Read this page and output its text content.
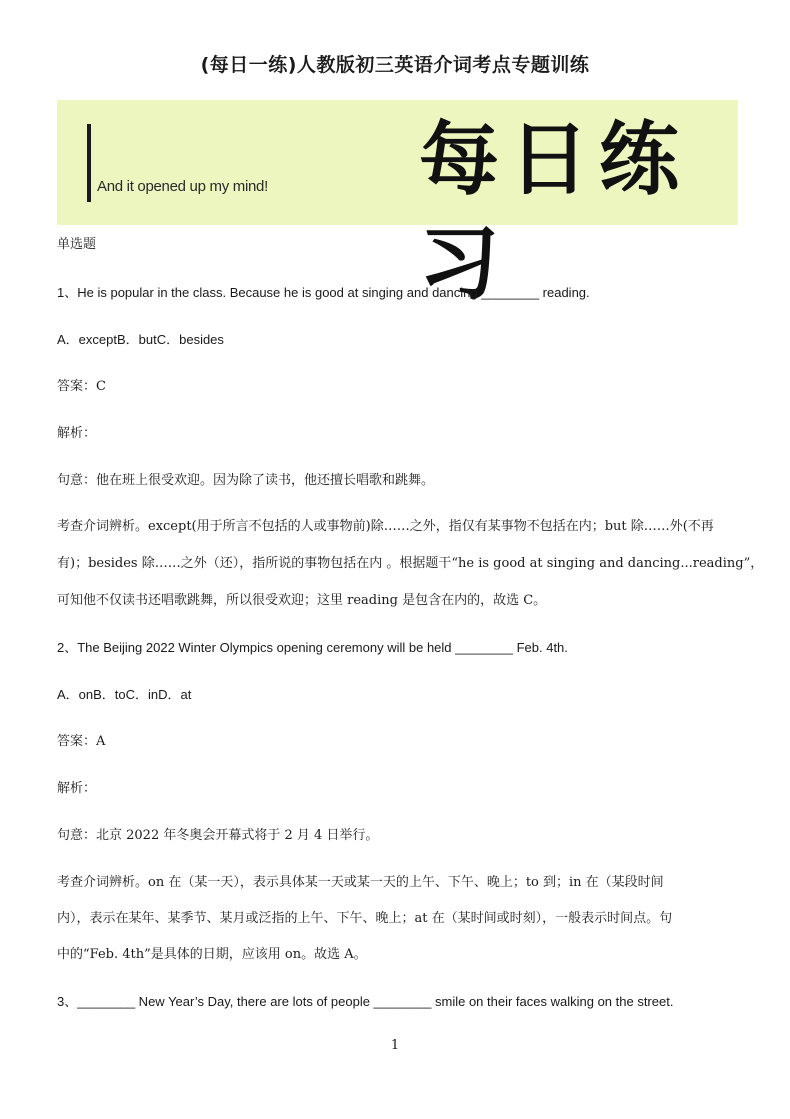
(每日一练)人教版初三英语介词考点专题训练
And it opened up my mind! 每日练习
单选题
1、He is popular in the class. Because he is good at singing and dancing ________ reading.
A．exceptB．butC．besides
答案：C
解析：
句意：他在班上很受欢迎。因为除了读书，他还擅长唱歌和跳舞。
考查介词辨析。except(用于所言不包括的人或事物前)除……之外，指仅有某事物不包括在内；but 除……外(不再
有)；besides 除……之外（还），指所说的事物包括在内 。根据题干“he is good at singing and dancing...reading”，
可知他不仅读书还唱歌跳舞，所以很受欢迎；这里 reading 是包含在内的，故选 C。
2、The Beijing 2022 Winter Olympics opening ceremony will be held ________ Feb. 4th.
A．onB．toC．inD．at
答案：A
解析：
句意：北京 2022 年冬奥会开幕式将于 2 月 4 日举行。
考查介词辨析。on 在（某一天），表示具体某一天或某一天的上午、下午、晚上；to 到；in 在（某段时间
内），表示在某年、某季节、某月或泛指的上午、下午、晚上；at 在（某时间或时刻），一般表示时间点。句
中的“Feb. 4th”是具体的日期，应该用 on。故选 A。
3、________ New Year’s Day, there are lots of people ________ smile on their faces walking on the street.
1
